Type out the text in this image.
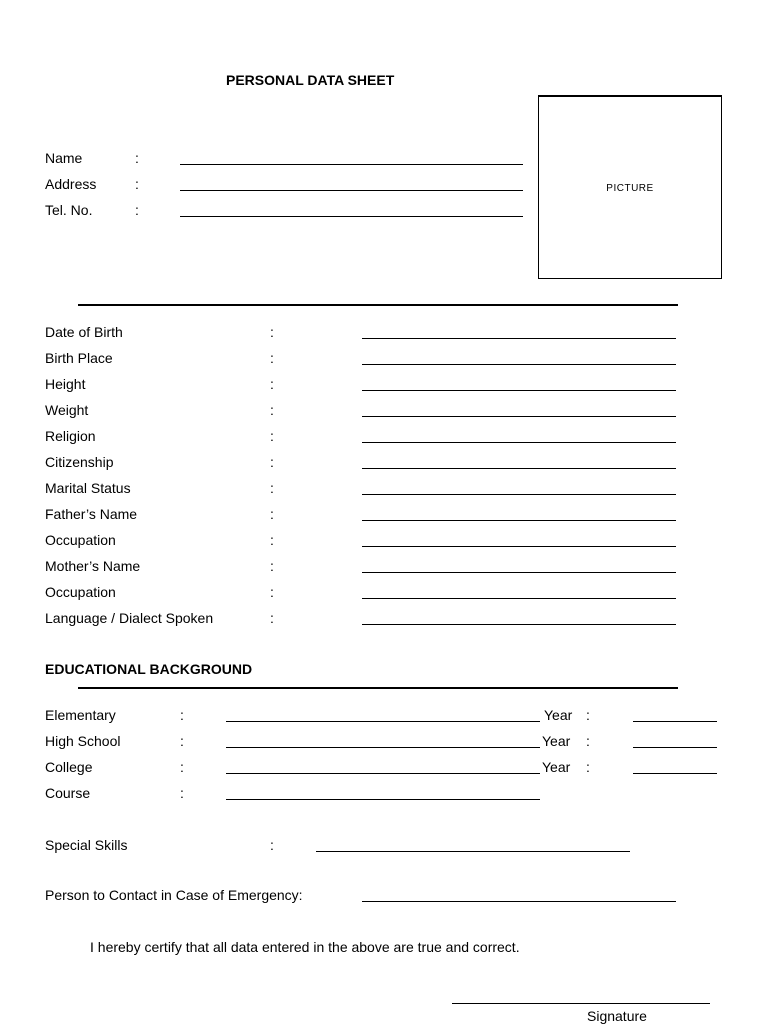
PERSONAL DATA SHEET
PICTURE
Name	:
Address	:
Tel. No.	:
Date of Birth	:
Birth Place	:
Height	:
Weight	:
Religion	:
Citizenship	:
Marital Status	:
Father’s Name	:
Occupation	:
Mother’s Name	:
Occupation	:
Language / Dialect Spoken	:
EDUCATIONAL BACKGROUND
Elementary	:	Year :
High School	:	Year :
College	:	Year :
Course	:
Special Skills	:
Person to Contact in Case of Emergency:
I hereby certify that all data entered in the above are true and correct.
Signature
